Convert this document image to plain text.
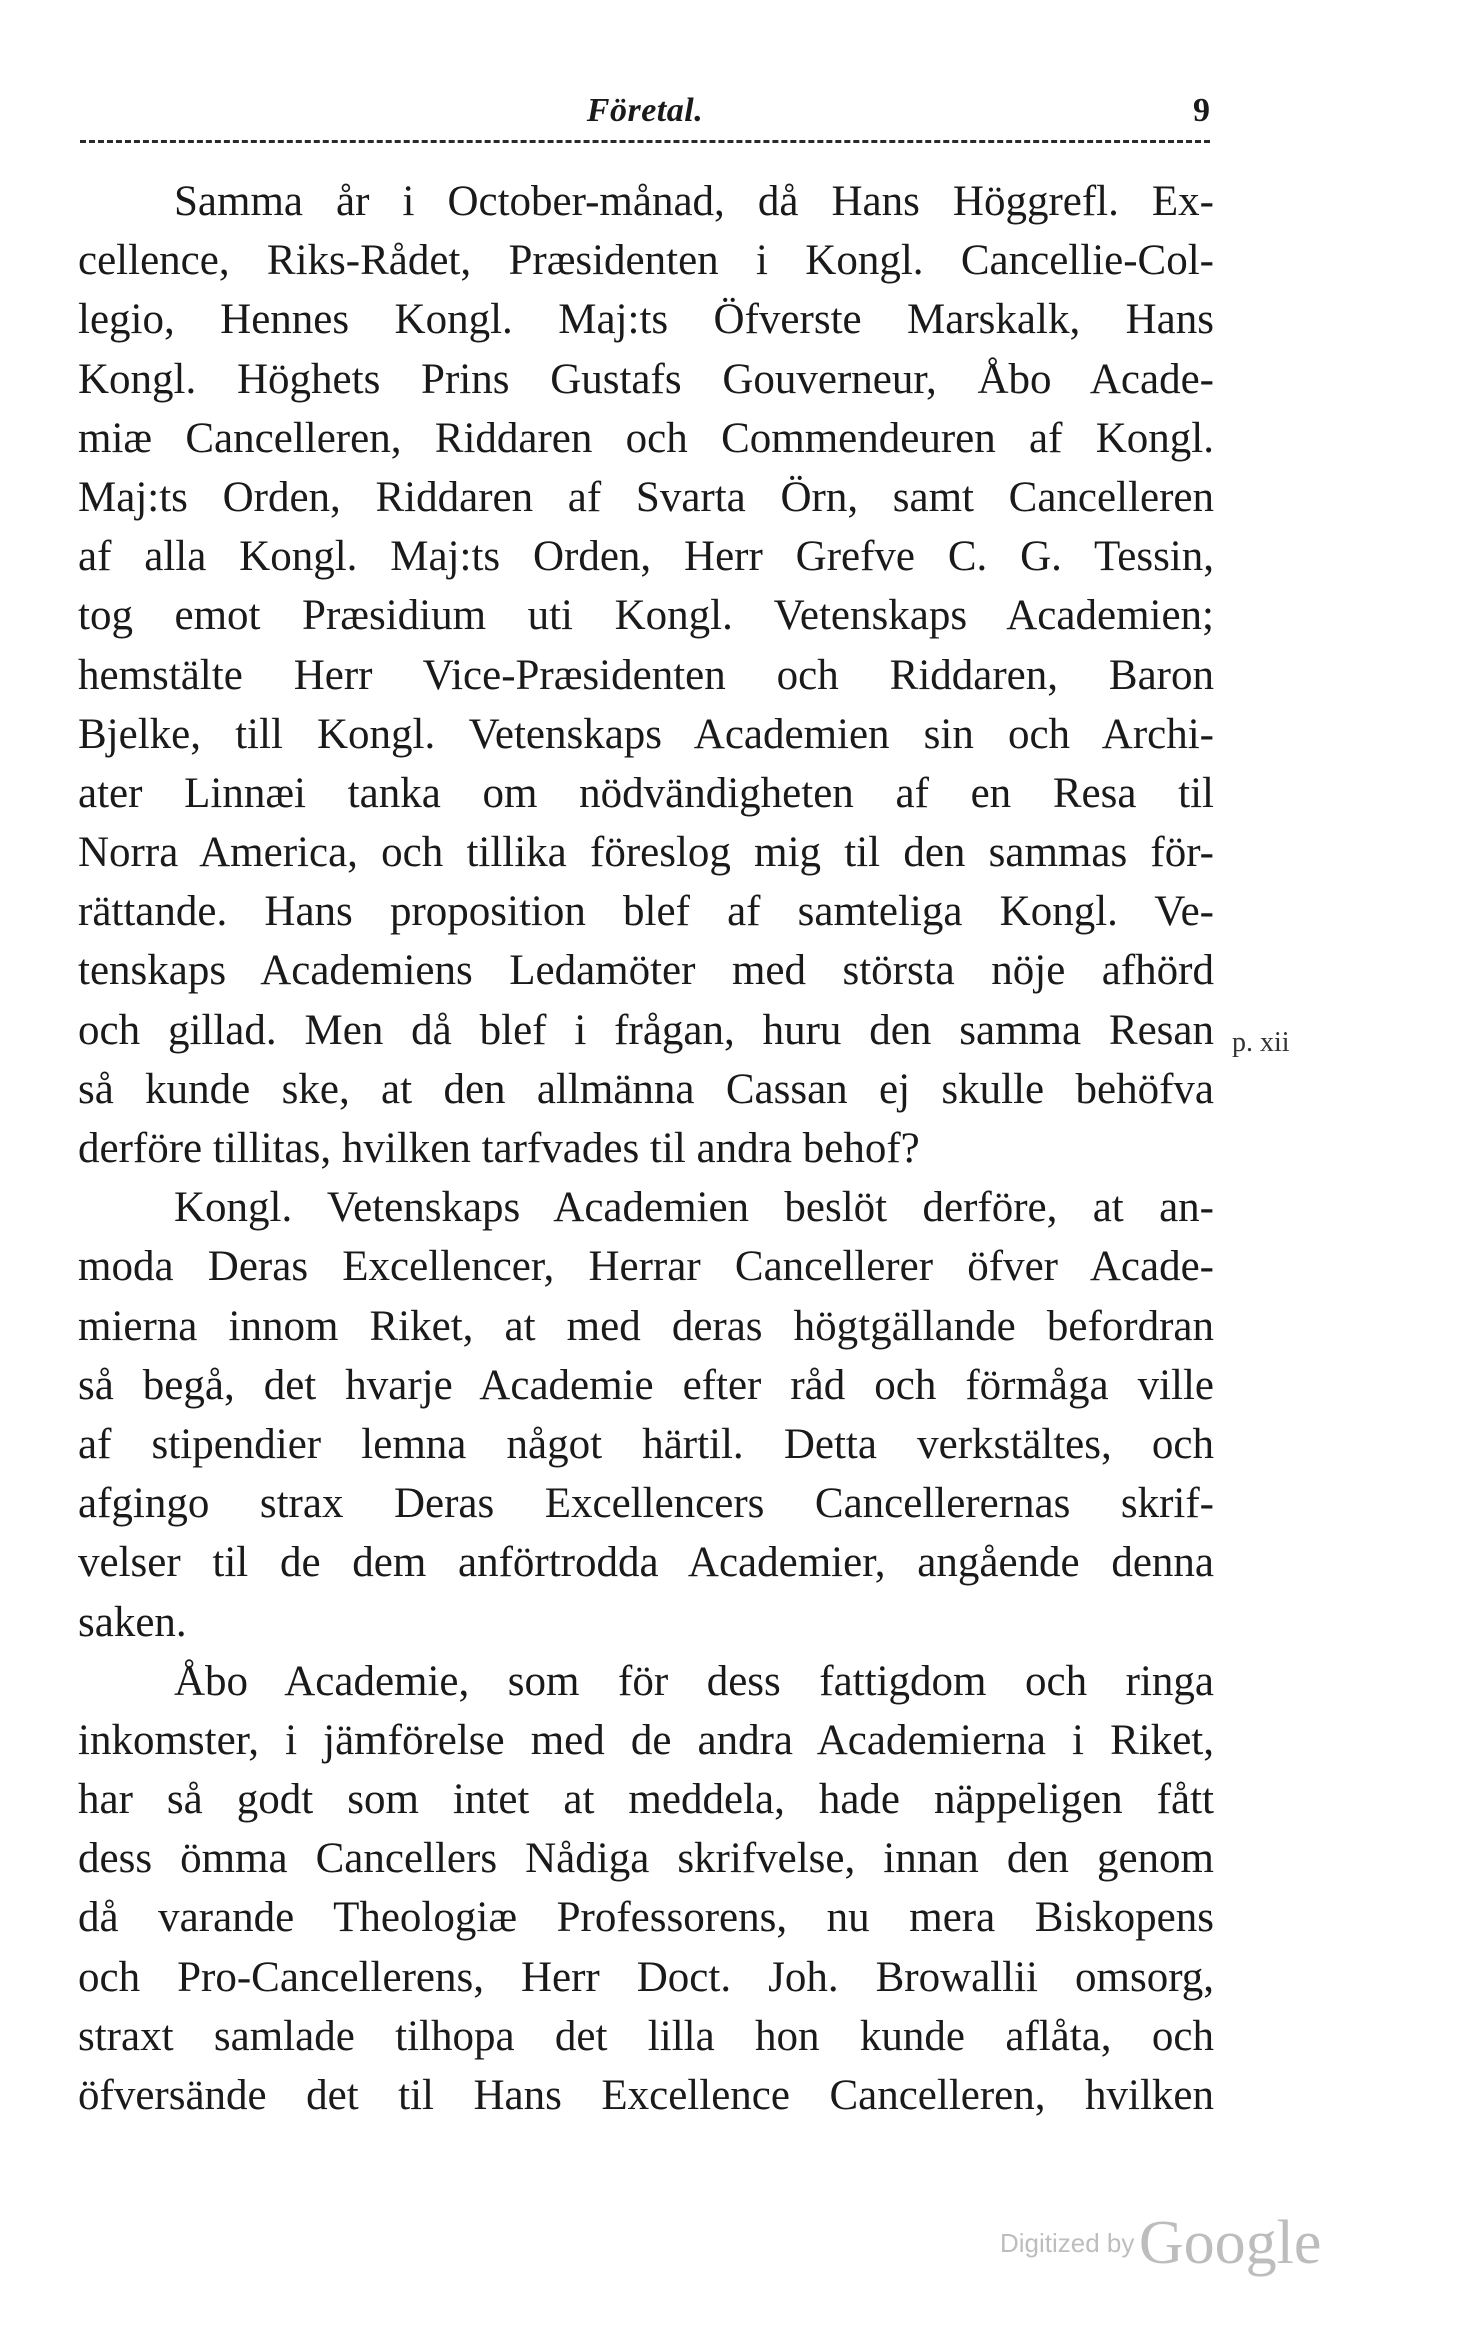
Företal.	9
Samma år i October-månad, då Hans Höggrefl. Ex-
cellence, Riks-Rådet, Præsidenten i Kongl. Cancellie-Col-
legio, Hennes Kongl. Maj:ts Öfverste Marskalk, Hans
Kongl. Höghets Prins Gustafs Gouverneur, Åbo Acade-
miæ Cancelleren, Riddaren och Commendeuren af Kongl.
Maj:ts Orden, Riddaren af Svarta Örn, samt Cancelleren
af alla Kongl. Maj:ts Orden, Herr Grefve C. G. Tessin,
tog emot Præsidium uti Kongl. Vetenskaps Academien;
hemstälte Herr Vice-Præsidenten och Riddaren, Baron
Bjelke, till Kongl. Vetenskaps Academien sin och Archi-
ater Linnæi tanka om nödvändigheten af en Resa til
Norra America, och tillika föreslog mig til den sammas för-
rättande. Hans proposition blef af samteliga Kongl. Ve-
tenskaps Academiens Ledamöter med största nöje afhörd
och gillad. Men då blef i frågan, huru den samma Resan
så kunde ske, at den allmänna Cassan ej skulle behöfva
derföre tillitas, hvilken tarfvades til andra behof?
Kongl. Vetenskaps Academien beslöt derföre, at an-
moda Deras Excellencer, Herrar Cancellerer öfver Acade-
mierna innom Riket, at med deras högtgällande befordran
så begå, det hvarje Academie efter råd och förmåga ville
af stipendier lemna något härtil. Detta verkstältes, och
afgingo strax Deras Excellencers Cancellerernas skrif-
velser til de dem anförtrodda Academier, angående denna
saken.
Åbo Academie, som för dess fattigdom och ringa
inkomster, i jämförelse med de andra Academierna i Riket,
har så godt som intet at meddela, hade näppeligen fått
dess ömma Cancellers Nådiga skrifvelse, innan den genom
då varande Theologiæ Professorens, nu mera Biskopens
och Pro-Cancellerens, Herr Doct. Joh. Browallii omsorg,
straxt samlade tilhopa det lilla hon kunde aflåta, och
öfversände det til Hans Excellence Cancelleren, hvilken
p. xii
Digitized by Google
